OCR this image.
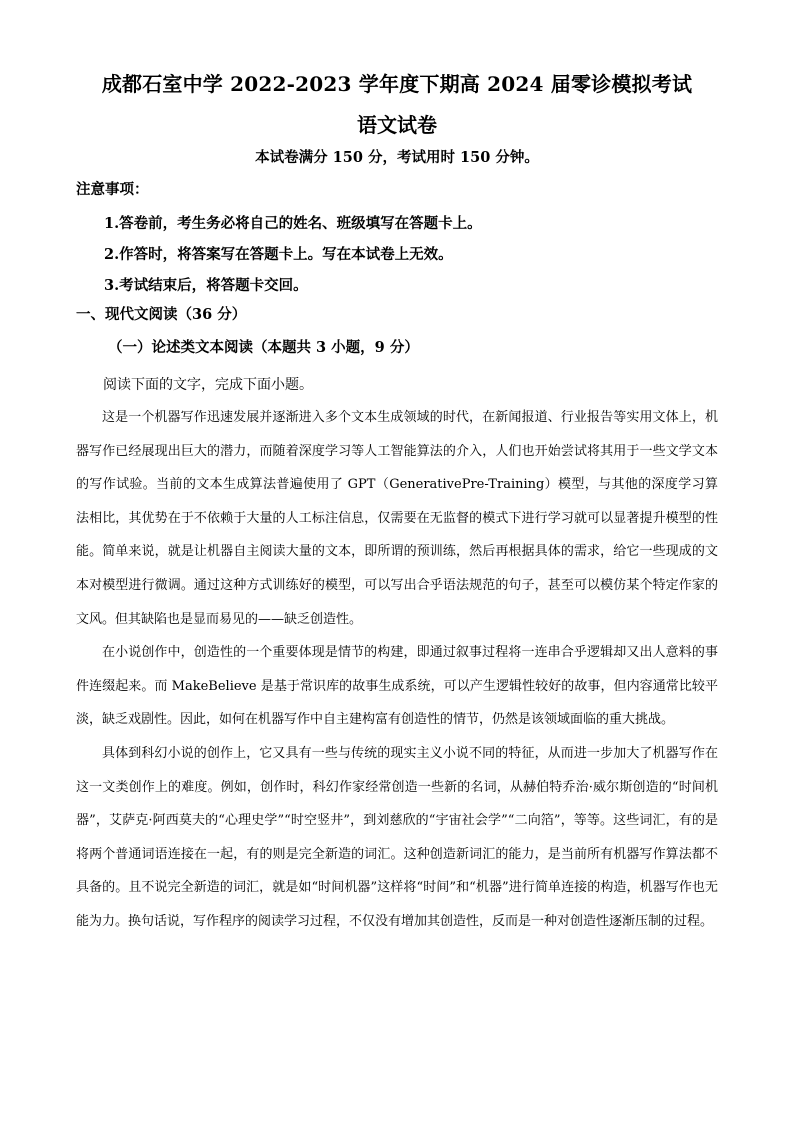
成都石室中学 2022-2023 学年度下期高 2024 届零诊模拟考试
语文试卷
本试卷满分 150 分，考试用时 150 分钟。
注意事项：
1.答卷前，考生务必将自己的姓名、班级填写在答题卡上。
2.作答时，将答案写在答题卡上。写在本试卷上无效。
3.考试结束后，将答题卡交回。
一、现代文阅读（36 分）
（一）论述类文本阅读（本题共 3 小题，9 分）
阅读下面的文字，完成下面小题。

这是一个机器写作迅速发展并逐渐进入多个文本生成领域的时代，在新闻报道、行业报告等实用文体上，机器写作已经展现出巨大的潜力，而随着深度学习等人工智能算法的介入，人们也开始尝试将其用于一些文学文本的写作试验。当前的文本生成算法普遍使用了 GPT（GenerativePre-Training）模型，与其他的深度学习算法相比，其优势在于不依赖于大量的人工标注信息，仅需要在无监督的模式下进行学习就可以显著提升模型的性能。简单来说，就是让机器自主阅读大量的文本，即所谓的预训练，然后再根据具体的需求，给它一些现成的文本对模型进行微调。通过这种方式训练好的模型，可以写出合乎语法规范的句子，甚至可以模仿某个特定作家的文风。但其缺陷也是显而易见的——缺乏创造性。

在小说创作中，创造性的一个重要体现是情节的构建，即通过叙事过程将一连串合乎逻辑却又出人意料的事件连缀起来。而 MakeBelieve 是基于常识库的故事生成系统，可以产生逻辑性较好的故事，但内容通常比较平淡，缺乏戏剧性。因此，如何在机器写作中自主建构富有创造性的情节，仍然是该领域面临的重大挑战。

具体到科幻小说的创作上，它又具有一些与传统的现实主义小说不同的特征，从而进一步加大了机器写作在这一文类创作上的难度。例如，创作时，科幻作家经常创造一些新的名词，从赫伯特乔治·威尔斯创造的“时间机器”，艾萨克·阿西莫夫的“心理史学”“时空竖井”，到刘慈欣的“宇宙社会学”“二向箔”，等等。这些词汇，有的是将两个普通词语连接在一起，有的则是完全新造的词汇。这种创造新词汇的能力，是当前所有机器写作算法都不具备的。且不说完全新造的词汇，就是如“时间机器”这样将“时间”和“机器”进行简单连接的构造，机器写作也无能为力。换句话说，写作程序的阅读学习过程，不仅没有增加其创造性，反而是一种对创造性逐渐压制的过程。
